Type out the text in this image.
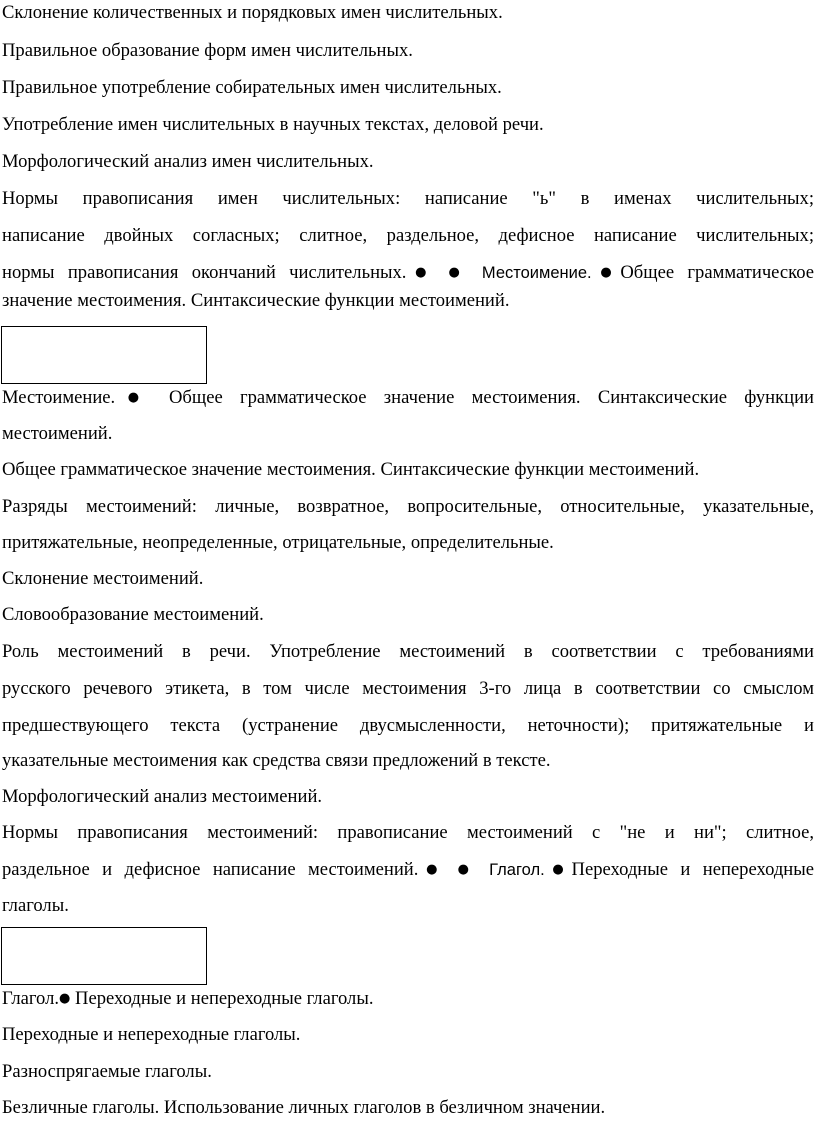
Склонение количественных и порядковых имен числительных.
Правильное образование форм имен числительных.
Правильное употребление собирательных имен числительных.
Употребление имен числительных в научных текстах, деловой речи.
Морфологический анализ имен числительных.
Нормы правописания имен числительных: написание "ь" в именах числительных;
написание двойных согласных; слитное, раздельное, дефисное написание числительных;
нормы правописания окончаний числительных.● ● Местоимение.●Общее грамматическое
значение местоимения. Синтаксические функции местоимений.
Местоимение.● Общее грамматическое значение местоимения. Синтаксические функции
местоимений.
Общее грамматическое значение местоимения. Синтаксические функции местоимений.
Разряды местоимений: личные, возвратное, вопросительные, относительные, указательные,
притяжательные, неопределенные, отрицательные, определительные.
Склонение местоимений.
Словообразование местоимений.
Роль местоимений в речи. Употребление местоимений в соответствии с требованиями
русского речевого этикета, в том числе местоимения 3-го лица в соответствии со смыслом
предшествующего текста (устранение двусмысленности, неточности); притяжательные и
указательные местоимения как средства связи предложений в тексте.
Морфологический анализ местоимений.
Нормы правописания местоимений: правописание местоимений с "не и ни"; слитное,
раздельное и дефисное написание местоимений.● ● Глагол.●Переходные и непереходные
глаголы.
Глагол.● Переходные и непереходные глаголы.
Переходные и непереходные глаголы.
Разноспрягаемые глаголы.
Безличные глаголы. Использование личных глаголов в безличном значении.
